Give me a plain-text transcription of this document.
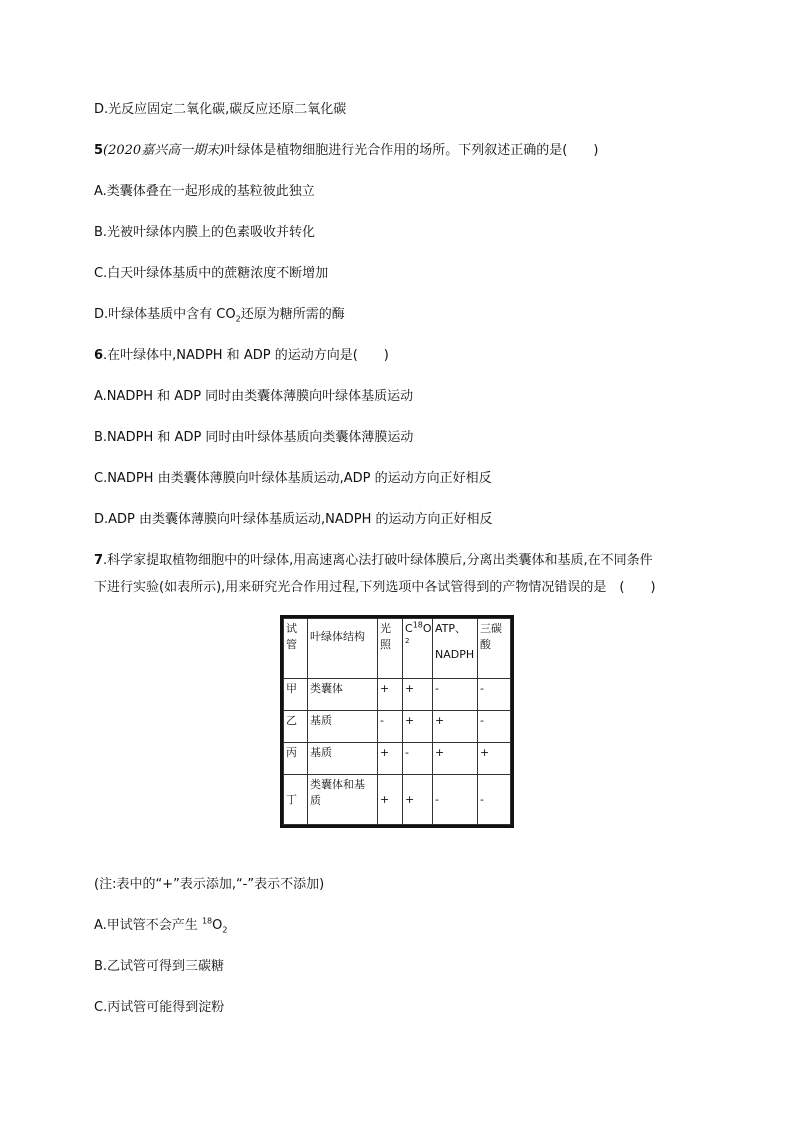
D.光反应固定二氧化碳,碳反应还原二氧化碳
5(2020嘉兴高一期末)叶绿体是植物细胞进行光合作用的场所。下列叙述正确的是(　　)
A.类囊体叠在一起形成的基粒彼此独立
B.光被叶绿体内膜上的色素吸收并转化
C.白天叶绿体基质中的蔗糖浓度不断增加
D.叶绿体基质中含有 $CO_2$还原为糖所需的酶
6.在叶绿体中,NADPH 和 ADP 的运动方向是(　　)
A.NADPH 和 ADP 同时由类囊体薄膜向叶绿体基质运动
B.NADPH 和 ADP 同时由叶绿体基质向类囊体薄膜运动
C.NADPH 由类囊体薄膜向叶绿体基质运动,ADP 的运动方向正好相反
D.ADP 由类囊体薄膜向叶绿体基质运动,NADPH 的运动方向正好相反
7.科学家提取植物细胞中的叶绿体,用高速离心法打破叶绿体膜后,分离出类囊体和基质,在不同条件
下进行实验(如表所示),用来研究光合作用过程,下列选项中各试管得到的产物情况错误的是　(　　)
试
管	叶绿体结构	光
照	$C^{18}O$
2	ATP、
NADPH	三碳
酸

甲	类囊体	+	+	-	-
乙	基质	-	+	+	-
丙	基质	+	-	+	+
丁	类囊体和基
质	+	+	-	-
(注:表中的“+”表示添加,“-”表示不添加)
A.甲试管不会产生 $^{18}O_2$
B.乙试管可得到三碳糖
C.丙试管可能得到淀粉
